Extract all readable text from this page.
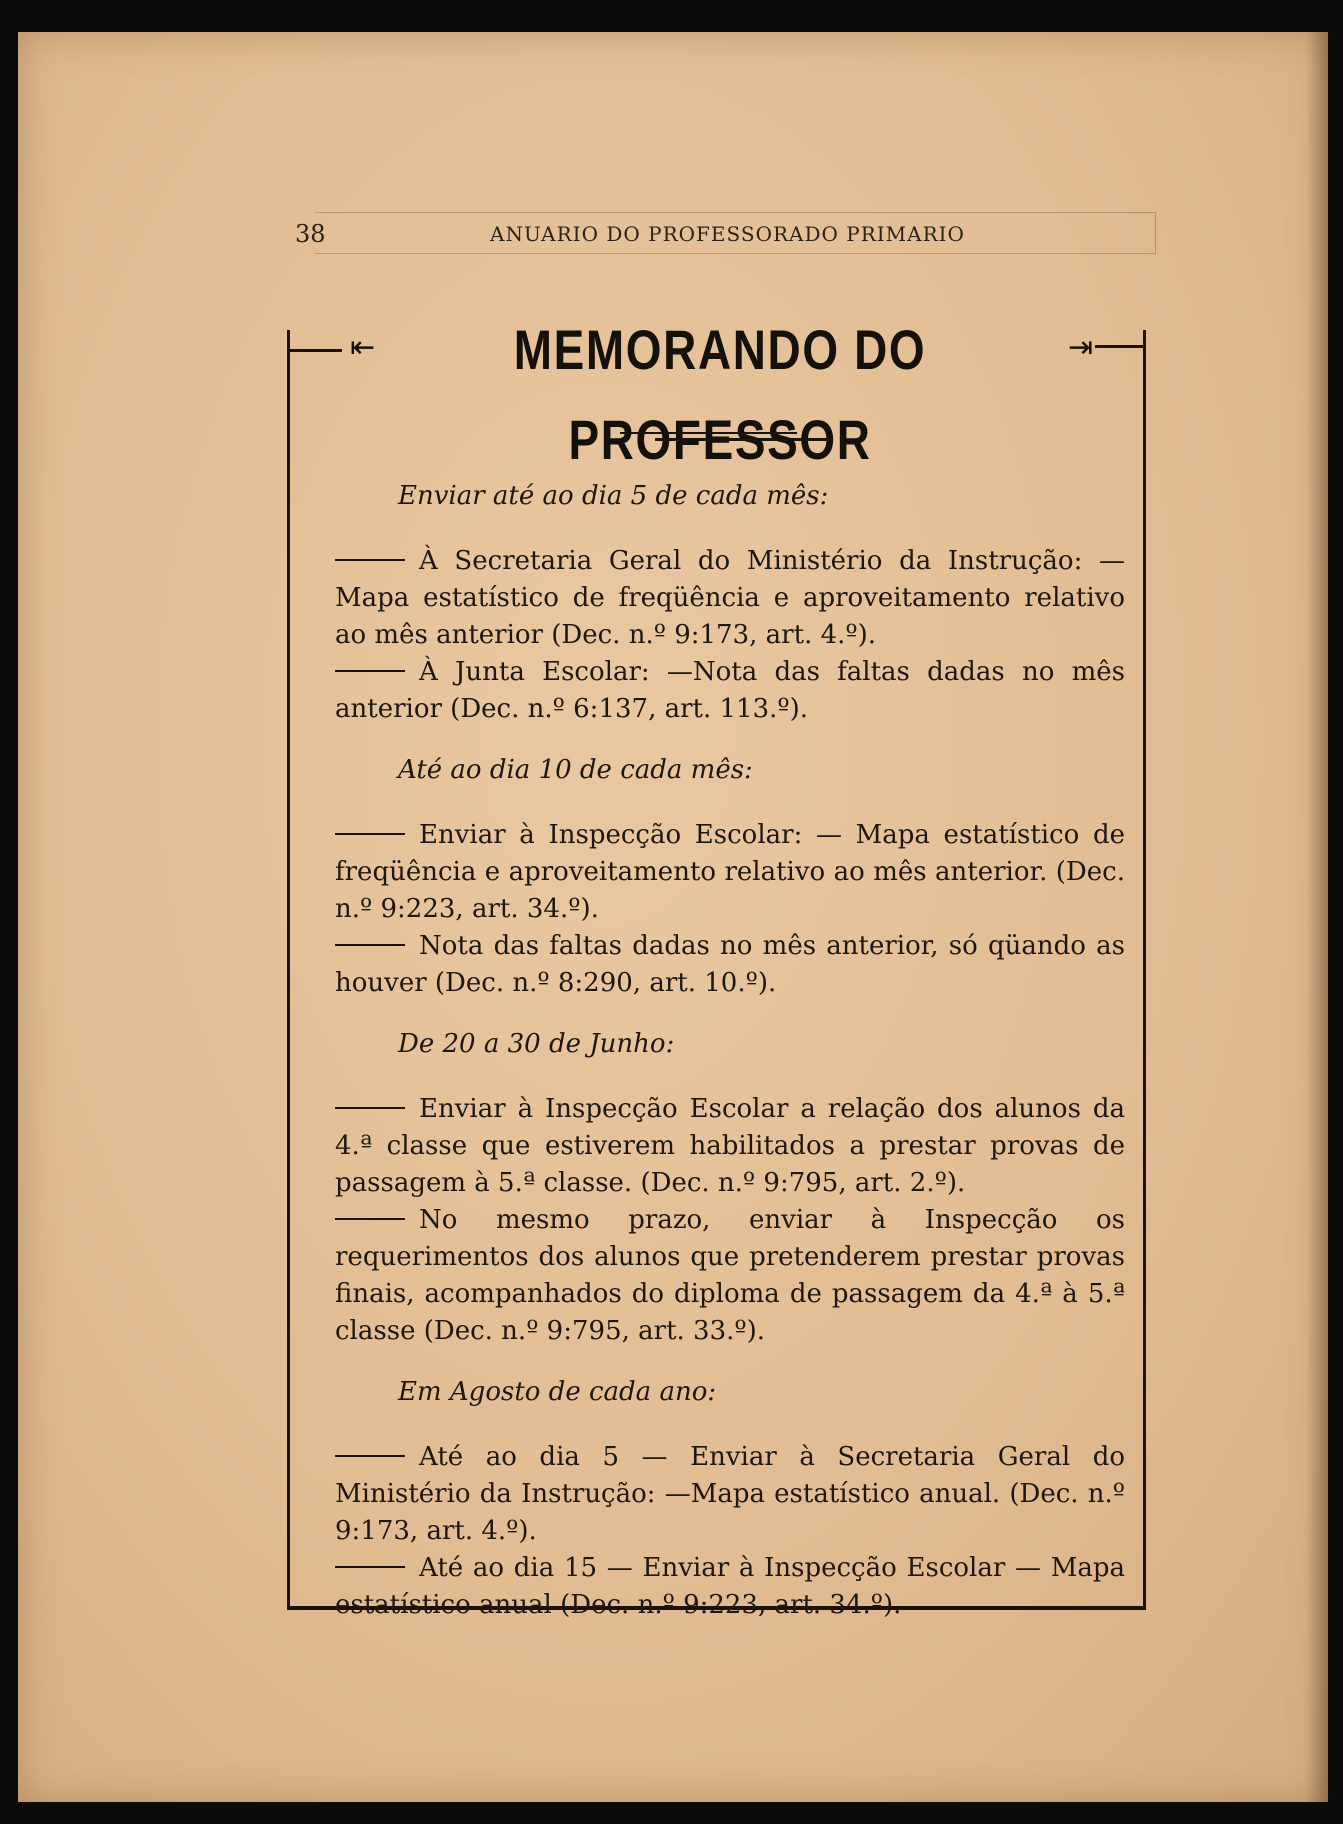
38	ANUARIO DO PROFESSORADO PRIMARIO
⇤	⇥
MEMORANDO DO PROFESSOR

Enviar até ao dia 5 de cada mês:

À Secretaria Geral do Ministério da Instrução: —Mapa estatístico de freqüência e aproveitamento relativo ao mês anterior (Dec. n.º 9:173, art. 4.º).

À Junta Escolar: —Nota das faltas dadas no mês anterior (Dec. n.º 6:137, art. 113.º).

Até ao dia 10 de cada mês:

Enviar à Inspecção Escolar: — Mapa estatístico de freqüência e aproveitamento relativo ao mês anterior. (Dec. n.º 9:223, art. 34.º).

Nota das faltas dadas no mês anterior, só qüando as houver (Dec. n.º 8:290, art. 10.º).

De 20 a 30 de Junho:

Enviar à Inspecção Escolar a relação dos alunos da 4.ª classe que estiverem habilitados a prestar provas de passagem à 5.ª classe. (Dec. n.º 9:795, art. 2.º).

No mesmo prazo, enviar à Inspecção os requerimentos dos alunos que pretenderem prestar provas finais, acompanhados do diploma de passagem da 4.ª à 5.ª classe (Dec. n.º 9:795, art. 33.º).

Em Agosto de cada ano:

Até ao dia 5 — Enviar à Secretaria Geral do Ministério da Instrução: —Mapa estatístico anual. (Dec. n.º 9:173, art. 4.º).

Até ao dia 15 — Enviar à Inspecção Escolar — Mapa estatístico anual (Dec. n.º 9:223, art. 34.º).
